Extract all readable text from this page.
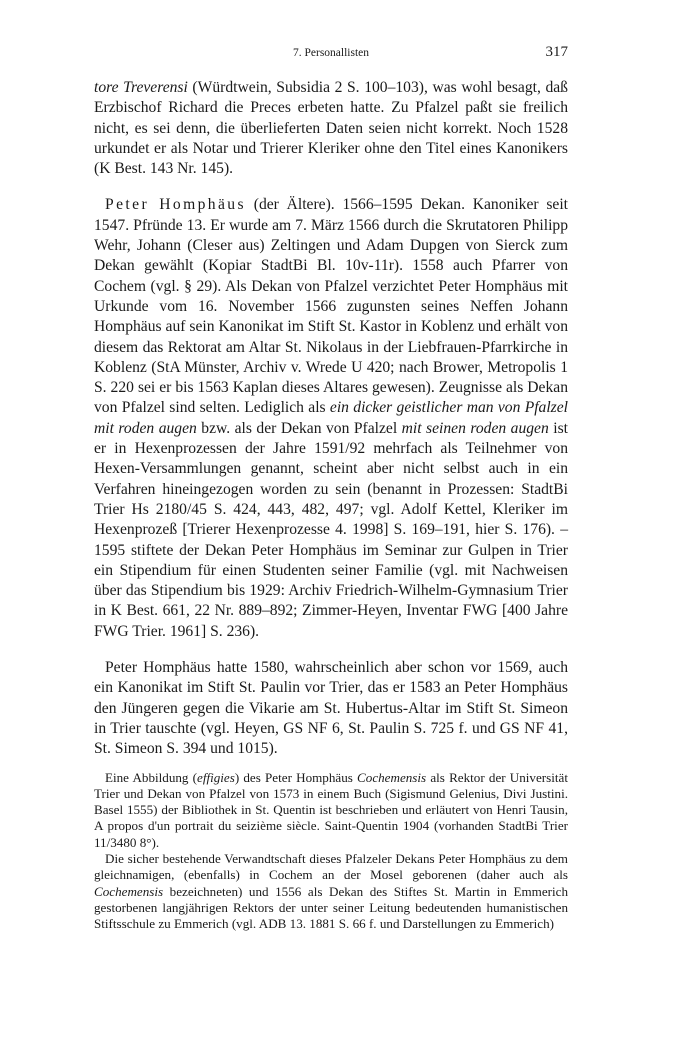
7. Personallisten	317

tore Treverensi (Würdtwein, Subsidia 2 S. 100–103), was wohl besagt, daß Erzbischof Richard die Preces erbeten hatte. Zu Pfalzel paßt sie freilich nicht, es sei denn, die überlieferten Daten seien nicht korrekt. Noch 1528 urkundet er als Notar und Trierer Kleriker ohne den Titel eines Kanonikers (K Best. 143 Nr. 145).

Peter Homphäus (der Ältere). 1566–1595 Dekan. Kanoniker seit 1547. Pfründe 13. Er wurde am 7. März 1566 durch die Skrutatoren Philipp Wehr, Johann (Cleser aus) Zeltingen und Adam Dupgen von Sierck zum Dekan gewählt (Kopiar StadtBi Bl. 10v-11r). 1558 auch Pfarrer von Cochem (vgl. § 29). Als Dekan von Pfalzel verzichtet Peter Homphäus mit Urkunde vom 16. November 1566 zugunsten seines Neffen Johann Homphäus auf sein Kanonikat im Stift St. Kastor in Koblenz und erhält von diesem das Rektorat am Altar St. Nikolaus in der Liebfrauen-Pfarrkirche in Koblenz (StA Münster, Archiv v. Wrede U 420; nach Brower, Metropolis 1 S. 220 sei er bis 1563 Kaplan dieses Altares gewesen). Zeugnisse als Dekan von Pfalzel sind selten. Lediglich als ein dicker geistlicher man von Pfalzel mit roden augen bzw. als der Dekan von Pfalzel mit seinen roden augen ist er in Hexenprozessen der Jahre 1591/92 mehrfach als Teilnehmer von Hexen-Versammlungen genannt, scheint aber nicht selbst auch in ein Verfahren hineingezogen worden zu sein (benannt in Prozessen: StadtBi Trier Hs 2180/45 S. 424, 443, 482, 497; vgl. Adolf Kettel, Kleriker im Hexenprozeß [Trierer Hexenprozesse 4. 1998] S. 169–191, hier S. 176). – 1595 stiftete der Dekan Peter Homphäus im Seminar zur Gulpen in Trier ein Stipendium für einen Studenten seiner Familie (vgl. mit Nachweisen über das Stipendium bis 1929: Archiv Friedrich-Wilhelm-Gymnasium Trier in K Best. 661, 22 Nr. 889–892; Zimmer-Heyen, Inventar FWG [400 Jahre FWG Trier. 1961] S. 236).

Peter Homphäus hatte 1580, wahrscheinlich aber schon vor 1569, auch ein Kanonikat im Stift St. Paulin vor Trier, das er 1583 an Peter Homphäus den Jüngeren gegen die Vikarie am St. Hubertus-Altar im Stift St. Simeon in Trier tauschte (vgl. Heyen, GS NF 6, St. Paulin S. 725 f. und GS NF 41, St. Simeon S. 394 und 1015).

Eine Abbildung (effigies) des Peter Homphäus Cochemensis als Rektor der Universität Trier und Dekan von Pfalzel von 1573 in einem Buch (Sigismund Gelenius, Divi Justini. Basel 1555) der Bibliothek in St. Quentin ist beschrieben und erläutert von Henri Tausin, A propos d'un portrait du seizième siècle. Saint-Quentin 1904 (vorhanden StadtBi Trier 11/3480 8°).

Die sicher bestehende Verwandtschaft dieses Pfalzeler Dekans Peter Homphäus zu dem gleichnamigen, (ebenfalls) in Cochem an der Mosel geborenen (daher auch als Cochemensis bezeichneten) und 1556 als Dekan des Stiftes St. Martin in Emmerich gestorbenen langjährigen Rektors der unter seiner Leitung bedeutenden humanistischen Stiftsschule zu Emmerich (vgl. ADB 13. 1881 S. 66 f. und Darstellungen zu Emmerich)
